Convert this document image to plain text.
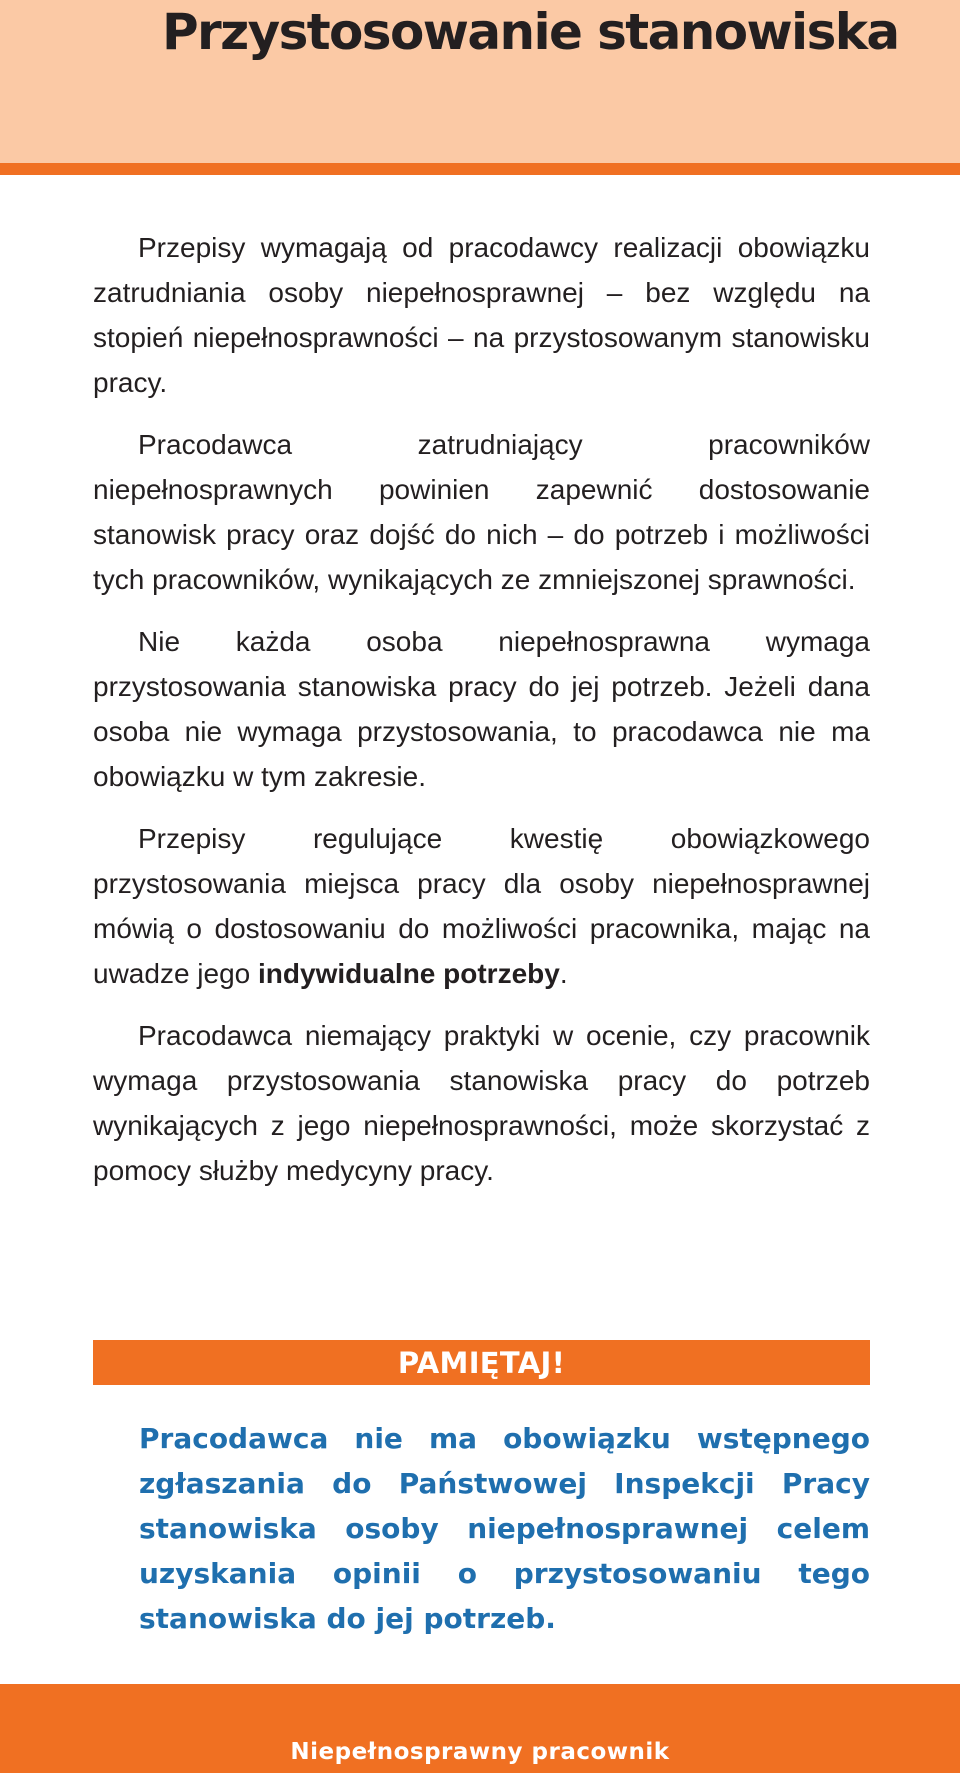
Przystosowanie stanowiska

Przepisy wymagają od pracodawcy realizacji obowiązku zatrudniania osoby niepełnosprawnej – bez względu na stopień niepełnosprawności – na przystosowanym stanowisku pracy.

Pracodawca zatrudniający pracowników niepełnosprawnych powinien zapewnić dostosowanie stanowisk pracy oraz dojść do nich – do potrzeb i możliwości tych pracowników, wynikających ze zmniejszonej sprawności.

Nie każda osoba niepełnosprawna wymaga przystosowania stanowiska pracy do jej potrzeb. Jeżeli dana osoba nie wymaga przystosowania, to pracodawca nie ma obowiązku w tym zakresie.

Przepisy regulujące kwestię obowiązkowego przystosowania miejsca pracy dla osoby niepełnosprawnej mówią o dostosowaniu do możliwości pracownika, mając na uwadze jego indywidualne potrzeby.

Pracodawca niemający praktyki w ocenie, czy pracownik wymaga przystosowania stanowiska pracy do potrzeb wynikających z jego niepełnosprawności, może skorzystać z pomocy służby medycyny pracy.

PAMIĘTAJ!

Pracodawca nie ma obowiązku wstępnego zgłaszania do Państwowej Inspekcji Pracy stanowiska osoby niepełnosprawnej celem uzyskania opinii o przystosowaniu tego stanowiska do jej potrzeb.

Niepełnosprawny pracownik
